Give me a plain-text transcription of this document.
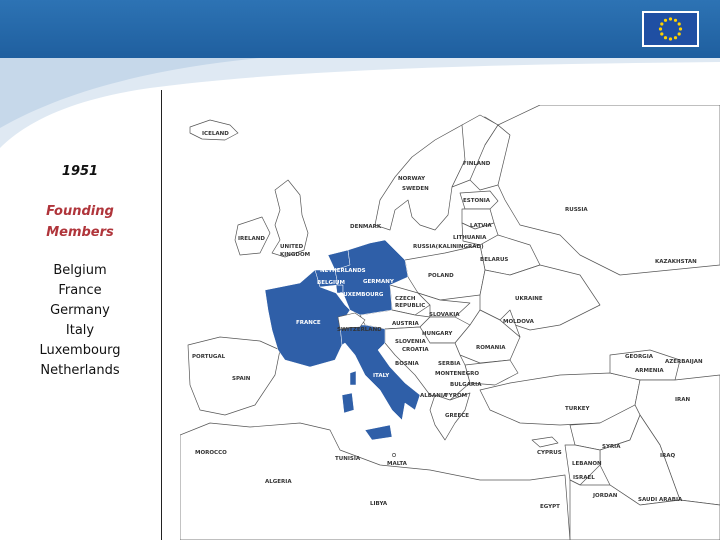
1951
Founding
Members
Belgium
France
Germany
Italy
Luxembourg
Netherlands
ICELAND
NORWAY
SWEDEN
FINLAND
ESTONIA
RUSSIA
LATVIA
LITHUANIA
DENMARK
IRELAND
UNITED
KINGDOM
RUSSIA(KALININGRAD)
BELARUS	KAZAKHSTAN
NETHERLANDS
BELGIUM	GERMANY
LUXEMBOURG
POLAND
CZECH
REPUBLIC
UKRAINE
SLOVAKIA
FRANCE
SWITZERLAND
AUSTRIA
HUNGARY
MOLDOVA
SLOVENIA
CROATIA	ROMANIA
PORTUGAL
BOSNIA	SERBIA
MONTENEGRO
BULGARIA
GEORGIA
AZERBAIJAN
ARMENIA
SPAIN	ITALY
ALBANIA
FYROM
GREECE
TURKEY
IRAN
MOROCCO
TUNISIA
MALTA
CYPRUS
SYRIA
LEBANON
ISRAEL
IRAQ
ALGERIA
JORDAN
SAUDI ARABIA
LIBYA	EGYPT
